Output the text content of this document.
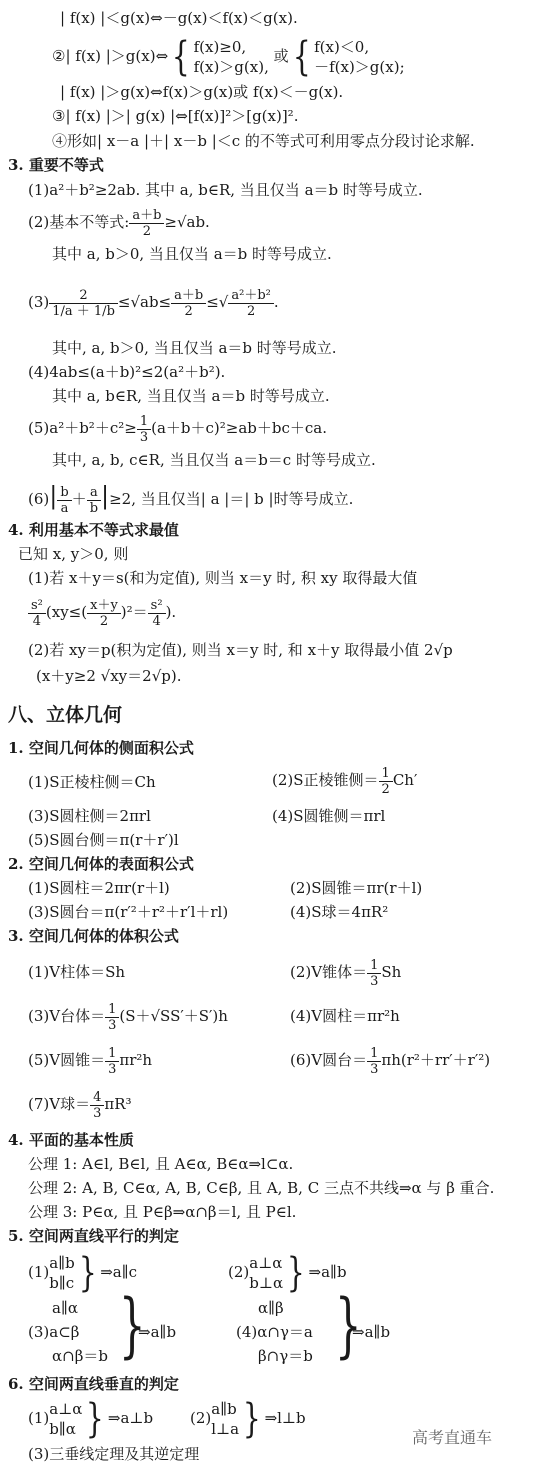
| f(x) |＜g(x)⇔－g(x)＜f(x)＜g(x).
②| f(x) |＞g(x)⇔{ f(x)≥0,
f(x)＞g(x),
或{ f(x)＜0,
－f(x)＞g(x);
| f(x) |＞g(x)⇔f(x)＞g(x)或 f(x)＜－g(x).
③| f(x) |＞| g(x) |⇔[f(x)]²＞[g(x)]².
④形如| x－a |＋| x－b |＜c 的不等式可利用零点分段讨论求解.
3. 重要不等式
(1)a²＋b²≥2ab. 其中 a, b∈R, 当且仅当 a＝b 时等号成立.
(2)基本不等式: $\frac{a+b}{2} \ge√ab$.
其中 a, b＞0, 当且仅当 a＝b 时等号成立.
$(3) \frac{2}{1/a + 1/b} \le√ab\le \frac{a+b}{2}$ ≤√ $\frac{\text{a²＋b²}}{2}$ .
其中, a, b＞0, 当且仅当 a＝b 时等号成立.
(4)4ab≤(a＋b)²≤2(a²＋b²).
其中 a, b∈R, 当且仅当 a＝b 时等号成立.
$(5)a^2+b^2+c^2\ge \frac{1}{3} (a+b+c)^2\ge ab+bc+ca$.
其中, a, b, c∈R, 当且仅当 a＝b＝c 时等号成立.
$(6)| \frac{b}{a} + \frac{a}{b} |\ge 2$, 当且仅当| a |＝| b |时等号成立.
4. 利用基本不等式求最值
已知 x, y＞0, 则
(1)若 x＋y＝s(和为定值), 则当 x＝y 时, 积 xy 取得最大值
$\frac{\text{s²}}{4} (xy\le( \frac{x+y}{2} )^2= \frac{\text{s²}}{4}$ ).
(2)若 xy＝p(积为定值), 则当 x＝y 时, 和 x＋y 取得最小值 2√p
(x＋y≥2 √xy＝2√p).
八、立体几何
1. 空间几何体的侧面积公式
(1)S正棱柱侧＝Ch	(2)S正棱锥侧＝ $\frac{1}{2} Ch'$
(3)S圆柱侧＝2πrl	(4)S圆锥侧＝πrl
(5)S圆台侧＝π(r＋r′)l
2. 空间几何体的表面积公式
(1)S圆柱＝2πr(r＋l)	(2)S圆锥＝πr(r＋l)
(3)S圆台＝π(r′²＋r²＋r′l＋rl)	(4)S球＝4πR²
3. 空间几何体的体积公式
(1)V柱体＝Sh	(2)V锥体＝ $\frac{1}{3}$ Sh
(3)V台体＝ $\frac{1}{3} (S+√SS'+S')h$	(4)V圆柱＝πr²h
(5)V圆锥＝ $\frac{1}{3} \pi r^2h$	(6)V圆台＝ $\frac{1}{3} \pi h(r^2+rr'+r'^2)$
(7)V球＝ $\frac{4}{3} \pi R^3$
4. 平面的基本性质
公理 1: A∈l, B∈l, 且 A∈α, B∈α⇒l⊂α.
公理 2: A, B, C∈α, A, B, C∈β, 且 A, B, C 三点不共线⇒α 与 β 重合.
公理 3: P∈α, 且 P∈β⇒α∩β＝l, 且 P∈l.
5. 空间两直线平行的判定
(1) a∥b
b∥c } ⇒a∥c	(2) a⊥α
b⊥α } ⇒a∥b
a∥α
(3)a⊂β
α∩β＝b }
⇒a∥b
α∥β
(4)α∩γ＝a
β∩γ＝b }
⇒a∥b
6. 空间两直线垂直的判定
(1) a⊥α
b∥α } ⇒a⊥b (2) a∥b
l⊥a } ⇒l⊥b
(3)三垂线定理及其逆定理
高考直通车
